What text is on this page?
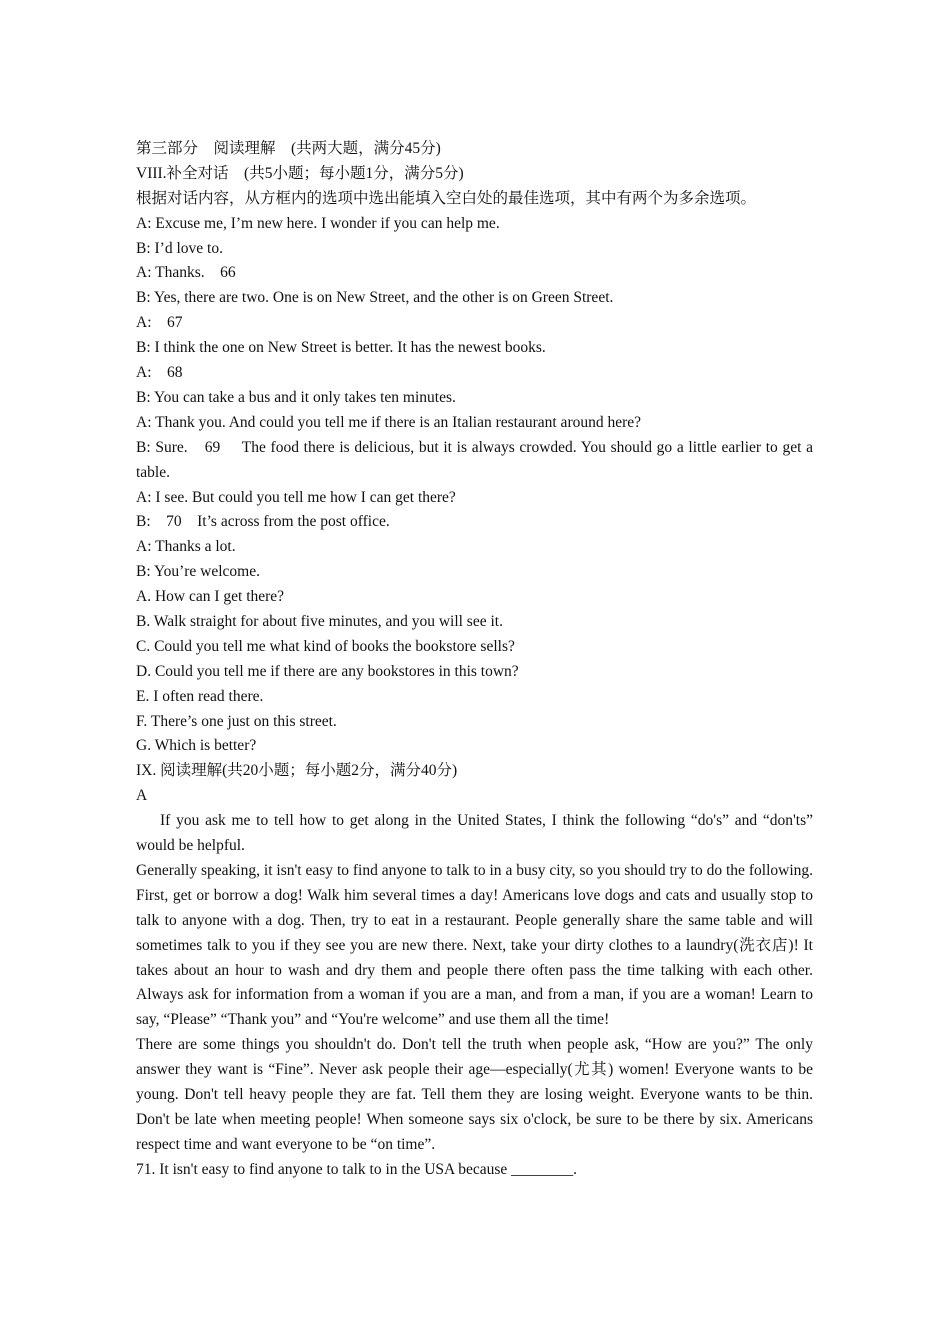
第三部分　阅读理解　(共两大题，满分45分)
VIII.补全对话　(共5小题；每小题1分，满分5分)
根据对话内容，从方框内的选项中选出能填入空白处的最佳选项，其中有两个为多余选项。
A: Excuse me, I’m new here. I wonder if you can help me.
B: I’d love to.
A: Thanks.　66
B: Yes, there are two. One is on New Street, and the other is on Green Street.
A:　67
B: I think the one on New Street is better. It has the newest books.
A:　68
B: You can take a bus and it only takes ten minutes.
A: Thank you. And could you tell me if there is an Italian restaurant around here?
B: Sure.　69　 The food there is delicious, but it is always crowded. You should go a little earlier to get a table.
A: I see. But could you tell me how I can get there?
B:　70　It’s across from the post office.
A: Thanks a lot.
B: You’re welcome.
A. How can I get there?
B. Walk straight for about five minutes, and you will see it.
C. Could you tell me what kind of books the bookstore sells?
D. Could you tell me if there are any bookstores in this town?
E. I often read there.
F. There’s one just on this street.
G. Which is better?
IX. 阅读理解(共20小题；每小题2分，满分40分)
A
If you ask me to tell how to get along in the United States, I think the following “do's” and “don'ts” would be helpful.
Generally speaking, it isn't easy to find anyone to talk to in a busy city, so you should try to do the following. First, get or borrow a dog! Walk him several times a day! Americans love dogs and cats and usually stop to talk to anyone with a dog. Then, try to eat in a restaurant. People generally share the same table and will sometimes talk to you if they see you are new there. Next, take your dirty clothes to a laundry(洗衣店)! It takes about an hour to wash and dry them and people there often pass the time talking with each other. Always ask for information from a woman if you are a man, and from a man, if you are a woman! Learn to say, “Please” “Thank you” and “You're welcome” and use them all the time!
There are some things you shouldn't do. Don't tell the truth when people ask, “How are you?” The only answer they want is “Fine”. Never ask people their age—especially(尤其) women! Everyone wants to be young. Don't tell heavy people they are fat. Tell them they are losing weight. Everyone wants to be thin. Don't be late when meeting people! When someone says six o'clock, be sure to be there by six. Americans respect time and want everyone to be “on time”.
71. It isn't easy to find anyone to talk to in the USA because ________.
